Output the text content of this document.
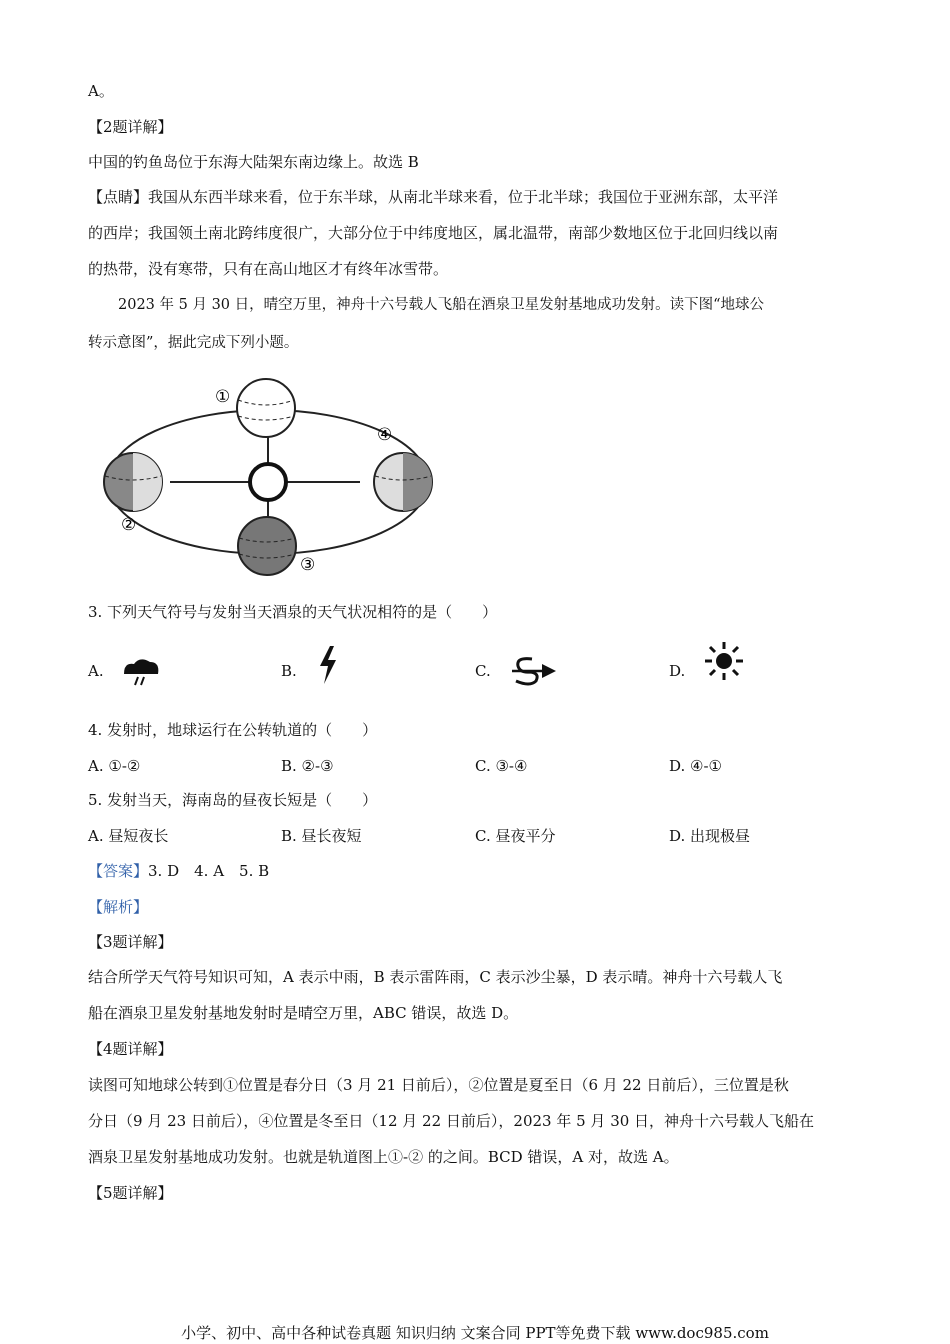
A。
【2题详解】
中国的钓鱼岛位于东海大陆架东南边缘上。故选 B
【点睛】我国从东西半球来看，位于东半球，从南北半球来看，位于北半球；我国位于亚洲东部，太平洋
的西岸；我国领土南北跨纬度很广，大部分位于中纬度地区，属北温带，南部少数地区位于北回归线以南
的热带，没有寒带，只有在高山地区才有终年冰雪带。
2023 年 5 月 30 日，晴空万里，神舟十六号载人飞船在酒泉卫星发射基地成功发射。读下图“地球公
转示意图”，据此完成下列小题。
①
②
③
④
3. 下列天气符号与发射当天酒泉的天气状况相符的是（　　）
A.	B.	C.	D.
4. 发射时，地球运行在公转轨道的（　　）
A. ①-②	B. ②-③	C. ③-④	D. ④-①
5. 发射当天，海南岛的昼夜长短是（　　）
A. 昼短夜长	B. 昼长夜短	C. 昼夜平分	D. 出现极昼
【答案】3. D　4. A　5. B
【解析】
【3题详解】
结合所学天气符号知识可知，A 表示中雨，B 表示雷阵雨，C 表示沙尘暴，D 表示晴。神舟十六号载人飞
船在酒泉卫星发射基地发射时是晴空万里，ABC 错误，故选 D。
【4题详解】
读图可知地球公转到①位置是春分日（3 月 21 日前后），②位置是夏至日（6 月 22 日前后），三位置是秋
分日（9 月 23 日前后），④位置是冬至日（12 月 22 日前后），2023 年 5 月 30 日，神舟十六号载人飞船在
酒泉卫星发射基地成功发射。也就是轨道图上①-② 的之间。BCD 错误，A 对，故选 A。
【5题详解】
小学、初中、高中各种试卷真题 知识归纳 文案合同 PPT等免费下载 www.doc985.com
